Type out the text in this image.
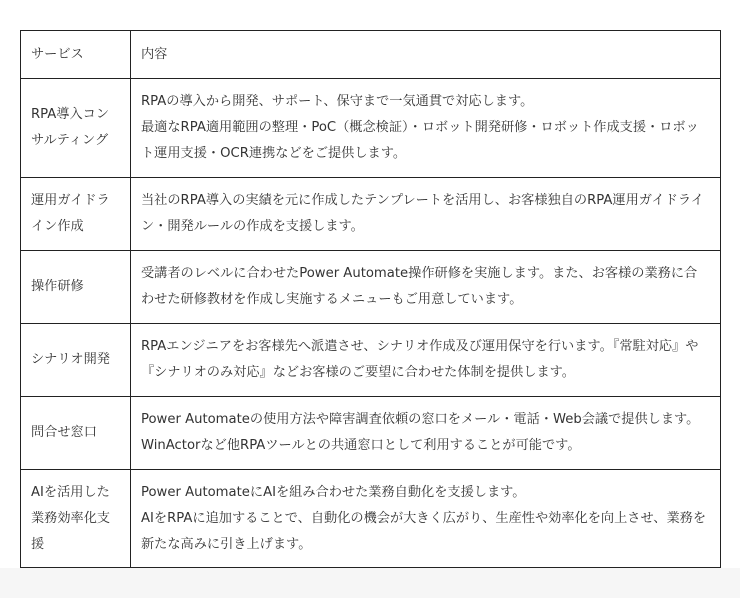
サービス	内容
RPA導入コンサルティング	RPAの導入から開発、サポート、保守まで一気通貫で対応します。
最適なRPA適用範囲の整理・PoC（概念検証）・ロボット開発研修・ロボット作成支援・ロボット運用支援・OCR連携などをご提供します。

運用ガイドライン作成	当社のRPA導入の実績を元に作成したテンプレートを活用し、お客様独自のRPA運用ガイドライン・開発ルールの作成を支援します。

操作研修	受講者のレベルに合わせたPower Automate操作研修を実施します。また、お客様の業務に合わせた研修教材を作成し実施するメニューもご用意しています。

シナリオ開発	RPAエンジニアをお客様先へ派遣させ、シナリオ作成及び運用保守を行います。『常駐対応』や『シナリオのみ対応』などお客様のご要望に合わせた体制を提供します。

問合せ窓口	Power Automateの使用方法や障害調査依頼の窓口をメール・電話・Web会議で提供します。WinActorなど他RPAツールとの共通窓口として利用することが可能です。

AIを活用した業務効率化支援	Power AutomateにAIを組み合わせた業務自動化を支援します。
AIをRPAに追加することで、自動化の機会が大きく広がり、生産性や効率化を向上させ、業務を新たな高みに引き上げます。
